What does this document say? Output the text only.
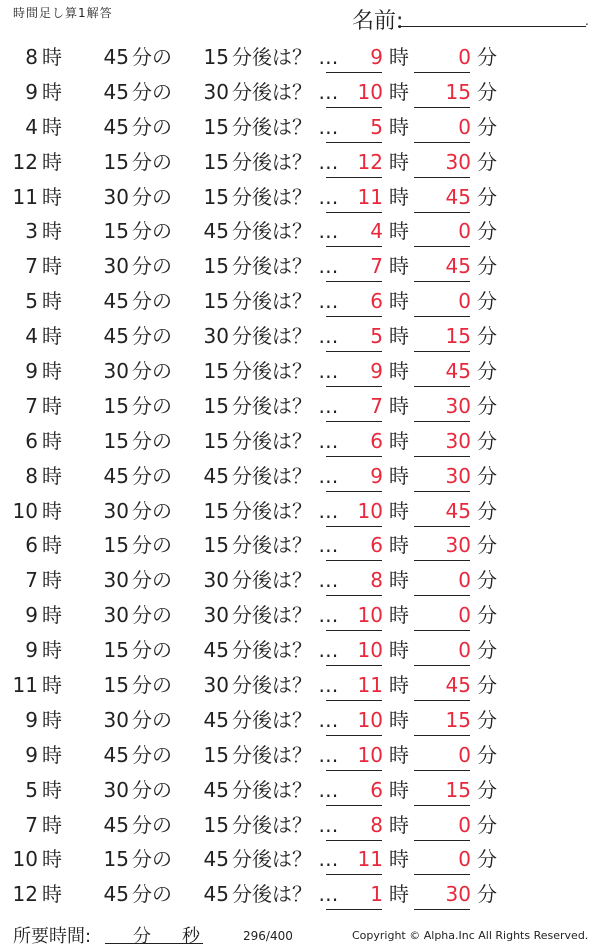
時間足し算1解答	名前:	.
8 時 45 分の 15 分後は？ …	9 時	0 分
9 時 45 分の 30 分後は？ … 10 時	15 分
4 時 45 分の 15 分後は？ …	5 時	0 分
12 時 15 分の 15 分後は？ … 12 時	30 分
11 時 30 分の 15 分後は？ … 11 時	45 分
3 時 15 分の 45 分後は？ …	4 時	0 分
7 時 30 分の 15 分後は？ …	7 時	45 分
5 時 45 分の 15 分後は？ …	6 時	0 分
4 時 45 分の 30 分後は？ …	5 時	15 分
9 時 30 分の 15 分後は？ …	9 時	45 分
7 時 15 分の 15 分後は？ …	7 時	30 分
6 時 15 分の 15 分後は？ …	6 時	30 分
8 時 45 分の 45 分後は？ …	9 時	30 分
10 時 30 分の 15 分後は？ … 10 時	45 分
6 時 15 分の 15 分後は？ …	6 時	30 分
7 時 30 分の 30 分後は？ …	8 時	0 分
9 時 30 分の 30 分後は？ … 10 時	0 分
9 時 15 分の 45 分後は？ … 10 時	0 分
11 時 15 分の 30 分後は？ … 11 時	45 分
9 時 30 分の 45 分後は？ … 10 時	15 分
9 時 45 分の 15 分後は？ … 10 時	0 分
5 時 30 分の 45 分後は？ …	6 時	15 分
7 時 45 分の 15 分後は？ …	8 時	0 分
10 時 15 分の 45 分後は？ … 11 時	0 分
12 時 45 分の 45 分後は？ …	1 時	30 分
所要時間: 分 秒	296/400	Copyright © Alpha.Inc All Rights Reserved.
